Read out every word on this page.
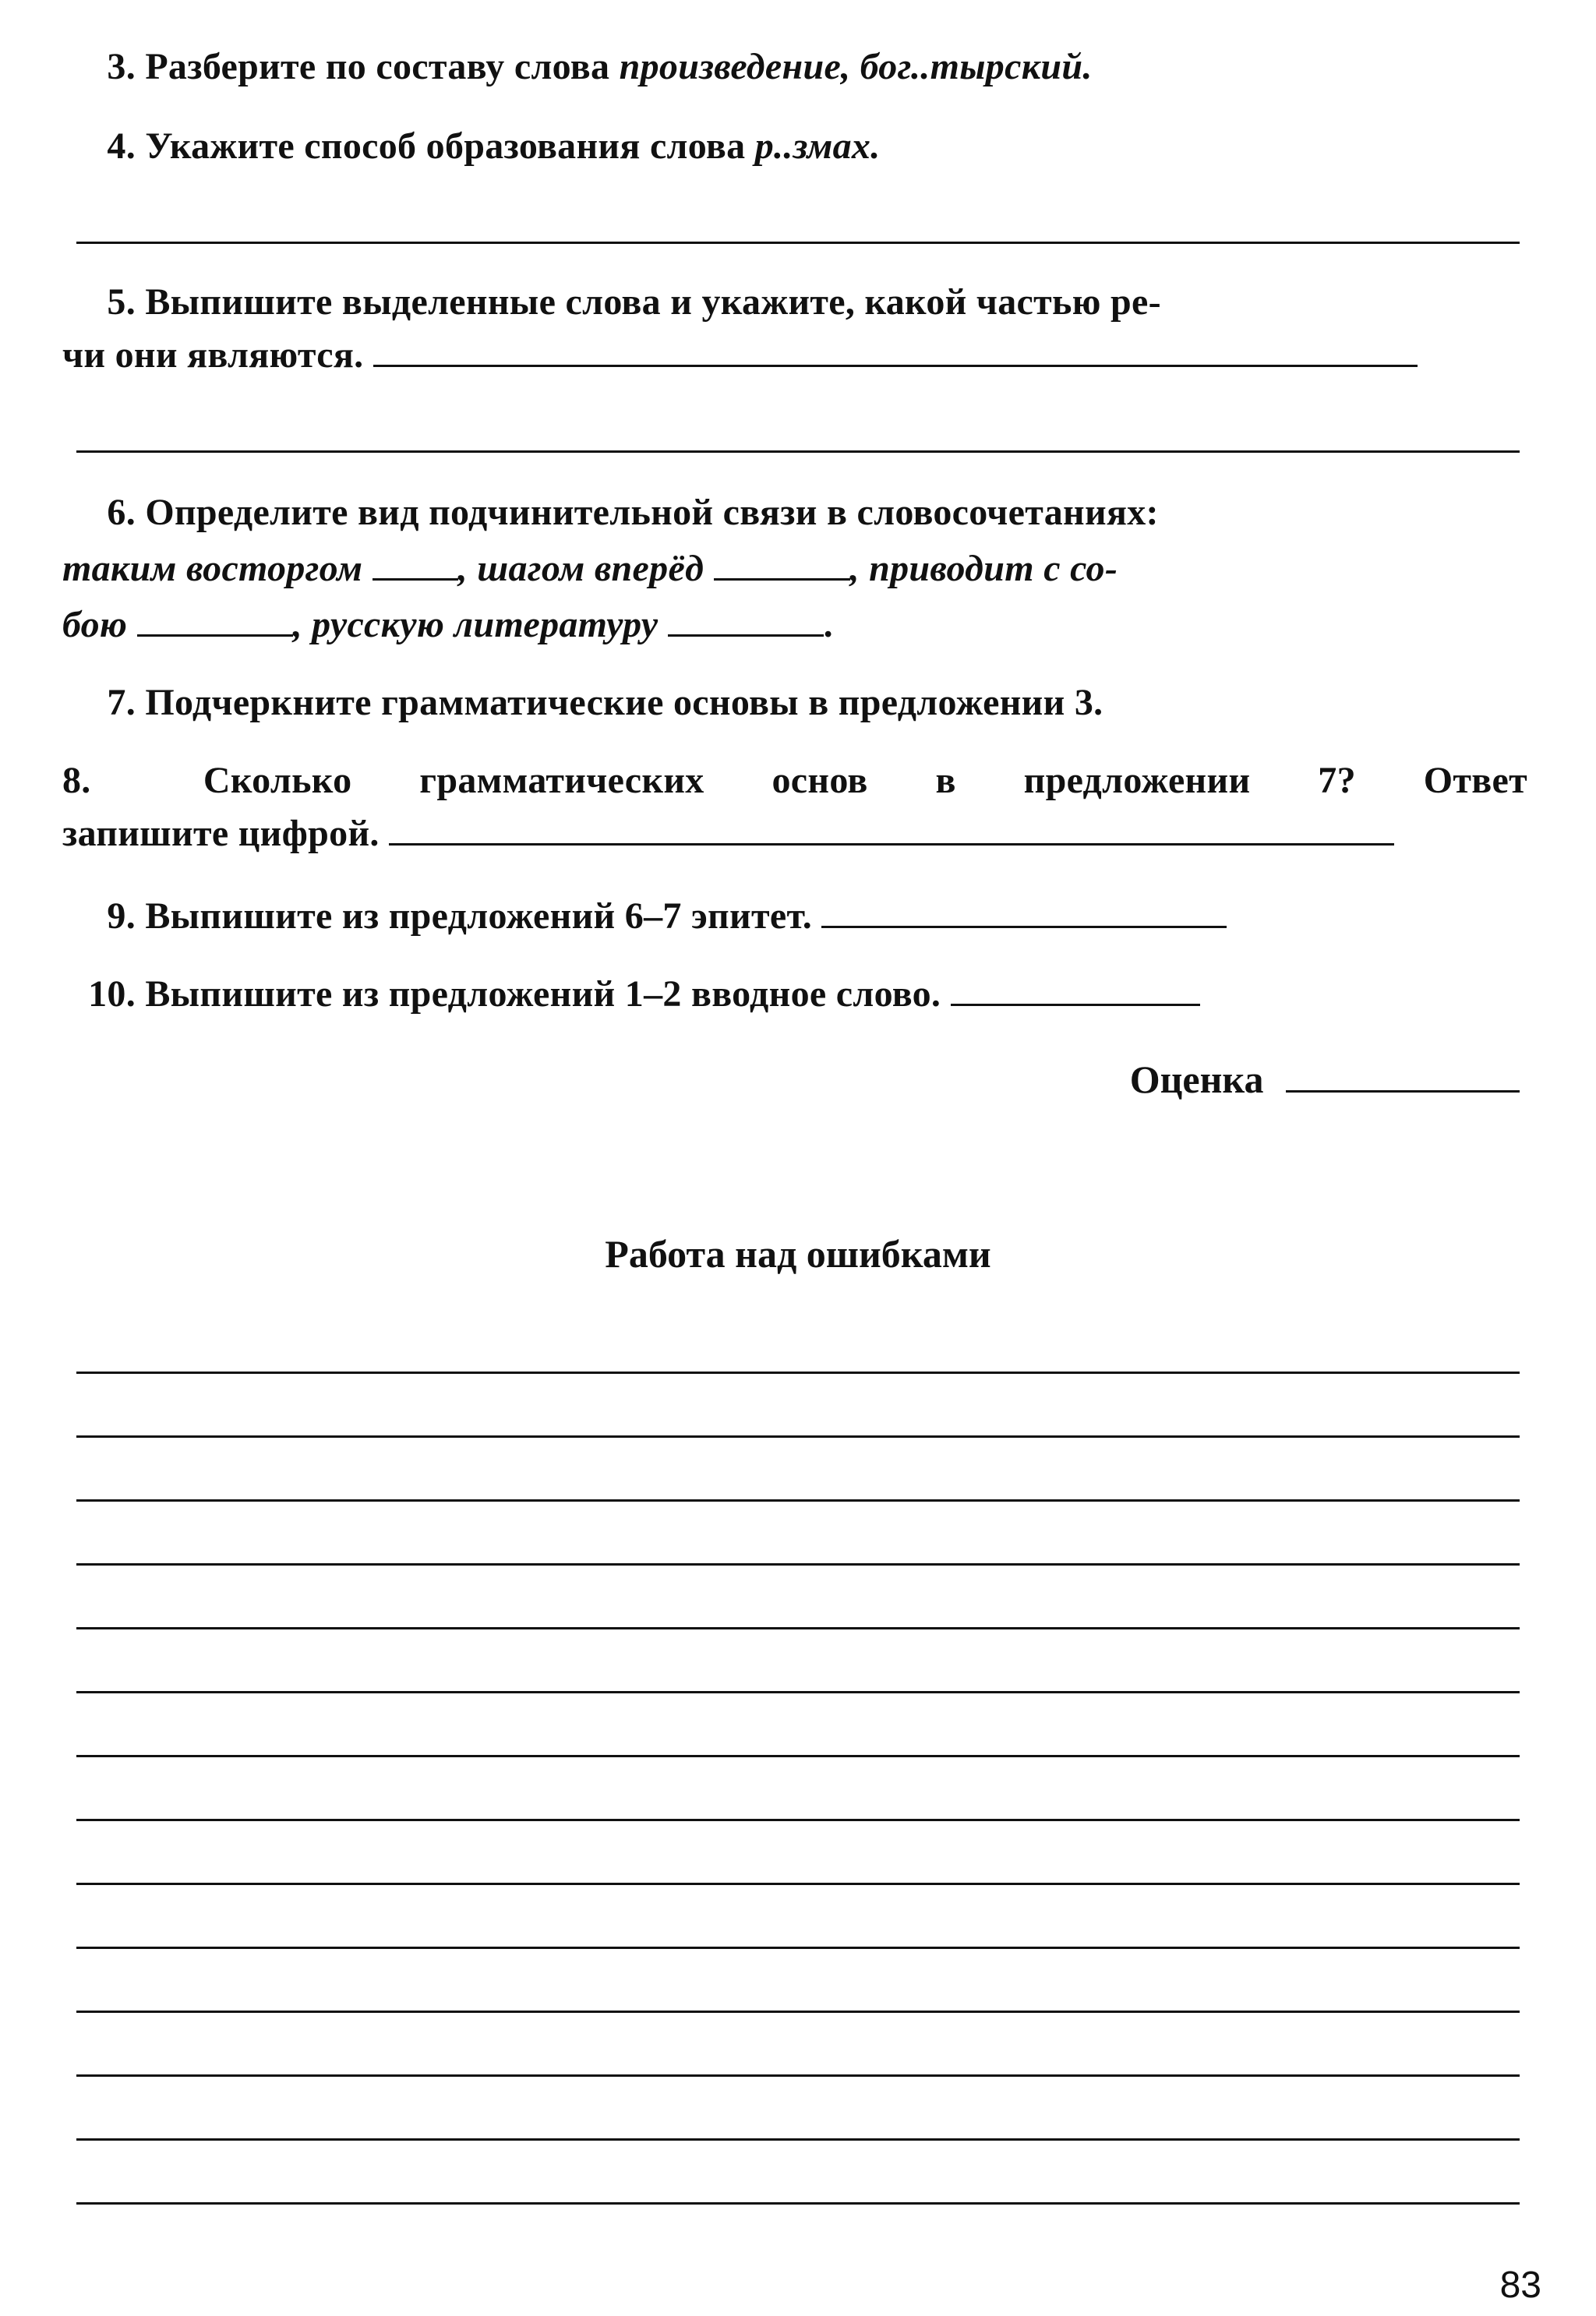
3. Разберите по составу слова произведение, бог..тырский.
4. Укажите способ образования слова р..змах.
5. Выпишите выделенные слова и укажите, какой частью ре-
чи они являются.
6. Определите вид подчинительной связи в словосочетаниях:
таким восторгом	, шагом вперёд	, приводит с со-
бою	, русскую литературу	.
7. Подчеркните грамматические основы в предложении 3.
8.	Сколько грамматических основ в предложении 7? Ответ
запишите цифрой.
9. Выпишите из предложений 6–7 эпитет.
10. Выпишите из предложений 1–2 вводное слово.
Оценка
Работа над ошибками
83
